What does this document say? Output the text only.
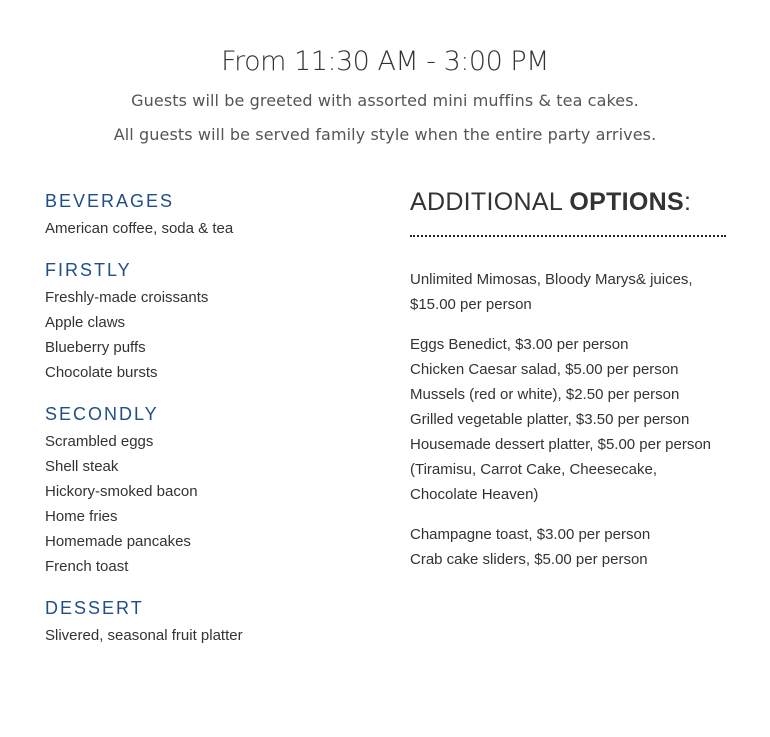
From 11:30 AM - 3:00 PM

Guests will be greeted with assorted mini muffins & tea cakes.

All guests will be served family style when the entire party arrives.

BEVERAGES

American coffee, soda & tea

FIRSTLY

Freshly-made croissants

Apple claws

Blueberry puffs

Chocolate bursts

SECONDLY

Scrambled eggs

Shell steak

Hickory-smoked bacon

Home fries

Homemade pancakes

French toast

DESSERT

Slivered, seasonal fruit platter

ADDITIONAL OPTIONS:

Unlimited Mimosas, Bloody Marys& juices,

$15.00 per person

Eggs Benedict, $3.00 per person

Chicken Caesar salad, $5.00 per person

Mussels (red or white), $2.50 per person

Grilled vegetable platter, $3.50 per person

Housemade dessert platter, $5.00 per person

(Tiramisu, Carrot Cake, Cheesecake,

Chocolate Heaven)

Champagne toast, $3.00 per person

Crab cake sliders, $5.00 per person
